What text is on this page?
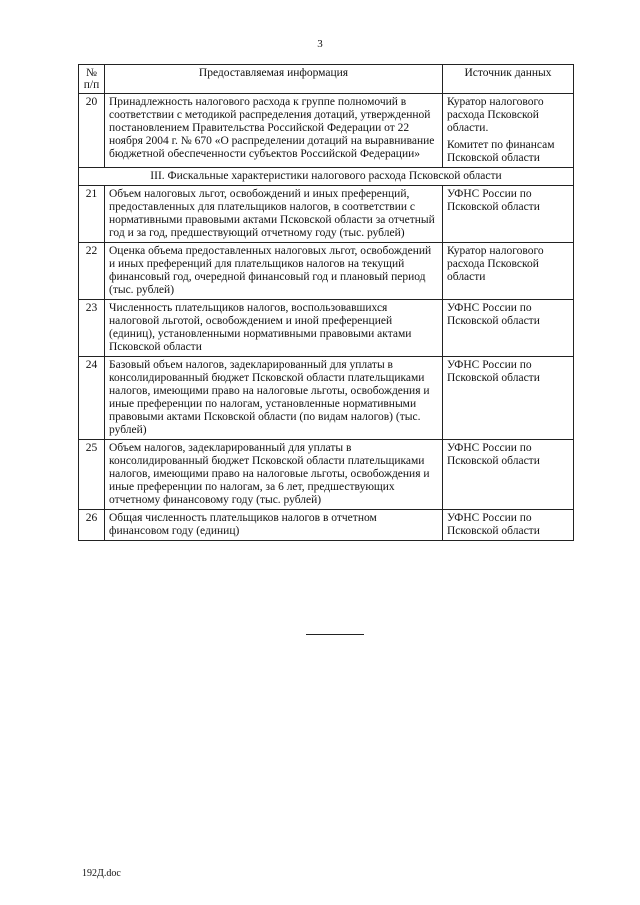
3
№
п/п	Предоставляемая информация	Источник данных
20	Принадлежность налогового расхода к группе полномочий в соответствии с методикой распределения дотаций, утвержденной постановлением Правительства Российской Федерации от 22 ноября 2004 г. № 670 «О распределении дотаций на выравнивание бюджетной обеспеченности субъектов Российской Федерации»	Куратор налогового расхода Псковской области.
Комитет по финансам Псковской области

III. Фискальные характеристики налогового расхода Псковской области		
21	Объем налоговых льгот, освобождений и иных преференций, предоставленных для плательщиков налогов, в соответствии с нормативными правовыми актами Псковской области за отчетный год и за год, предшествующий отчетному году (тыс. рублей)	УФНС России по Псковской области

22	Оценка объема предоставленных налоговых льгот, освобождений и иных преференций для плательщиков налогов на текущий финансовый год, очередной финансовый год и плановый период (тыс. рублей)	Куратор налогового расхода Псковской области

23	Численность плательщиков налогов, воспользовавшихся налоговой льготой, освобождением и иной преференцией (единиц), установленными нормативными правовыми актами Псковской области	УФНС России по Псковской области

24	Базовый объем налогов, задекларированный для уплаты в консолидированный бюджет Псковской области плательщиками налогов, имеющими право на налоговые льготы, освобождения и иные преференции по налогам, установленные нормативными правовыми актами Псковской области (по видам налогов) (тыс. рублей)	УФНС России по Псковской области

25	Объем налогов, задекларированный для уплаты в консолидированный бюджет Псковской области плательщиками налогов, имеющими право на налоговые льготы, освобождения и иные преференции по налогам, за 6 лет, предшествующих отчетному финансовому году (тыс. рублей)	УФНС России по Псковской области

26	Общая численность плательщиков налогов в отчетном финансовом году (единиц)	УФНС России по Псковской области
192Д.doc
